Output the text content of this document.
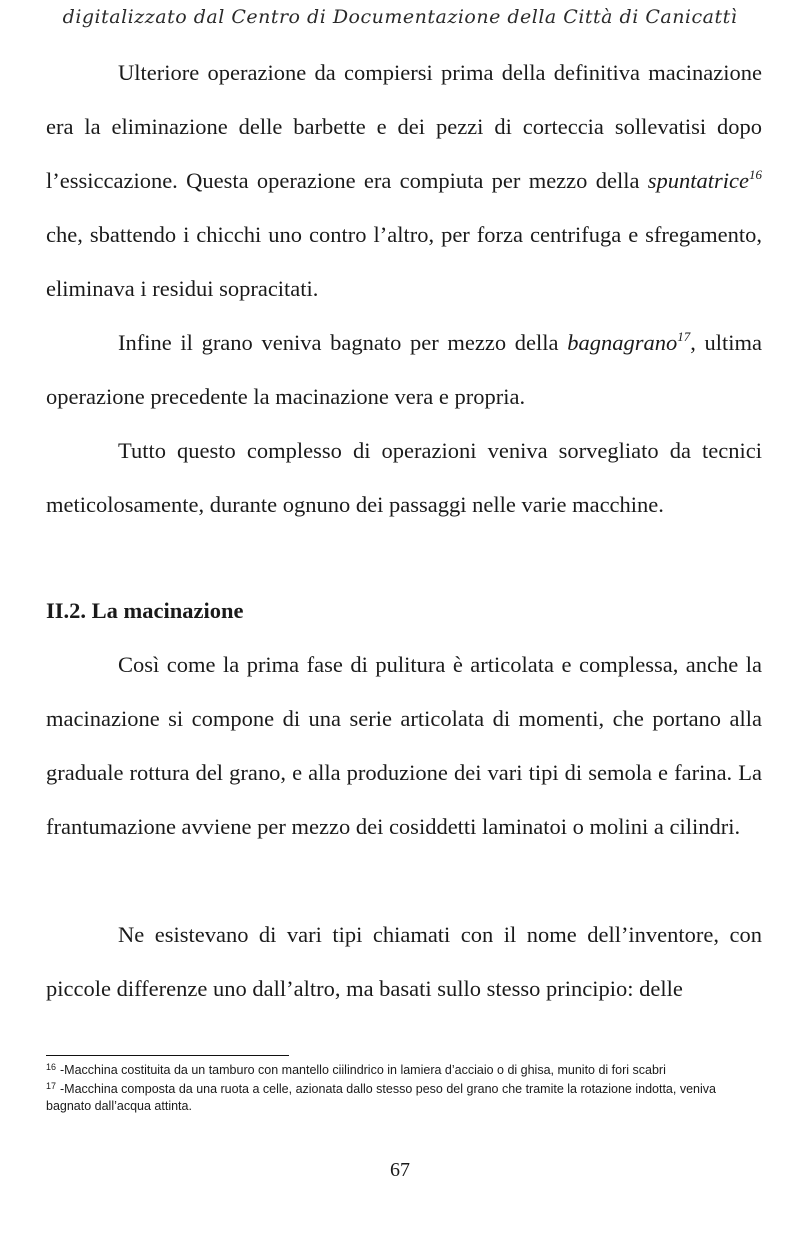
digitalizzato dal Centro di Documentazione della Città di Canicattì

Ulteriore operazione da compiersi prima della definitiva macinazione era la eliminazione delle barbette e dei pezzi di corteccia sollevatisi dopo l’essiccazione. Questa operazione era compiuta per mezzo della spuntatrice$^{16}$ che, sbattendo i chicchi uno contro l’altro, per forza centrifuga e sfregamento, eliminava i residui sopracitati.

Infine il grano veniva bagnato per mezzo della bagnagrano$^{17}$, ultima operazione precedente la macinazione vera e propria.

Tutto questo complesso di operazioni veniva sorvegliato da tecnici meticolosamente, durante ognuno dei passaggi nelle varie macchine.

II.2. La macinazione

Così come la prima fase di pulitura è articolata e complessa, anche la macinazione si compone di una serie articolata di momenti, che portano alla graduale rottura del grano, e alla produzione dei vari tipi di semola e farina. La frantumazione avviene per mezzo dei cosiddetti laminatoi o molini a cilindri.

Ne esistevano di vari tipi chiamati con il nome dell’inventore, con piccole differenze uno dall’altro, ma basati sullo stesso principio: delle

$^{16}$ -Macchina costituita da un tamburo con mantello ciilindrico in lamiera d’acciaio o di ghisa, munito di fori scabri

$^{17}$ -Macchina composta da una ruota a celle, azionata dallo stesso peso del grano che tramite la rotazione indotta, veniva bagnato dall’acqua attinta.

67
